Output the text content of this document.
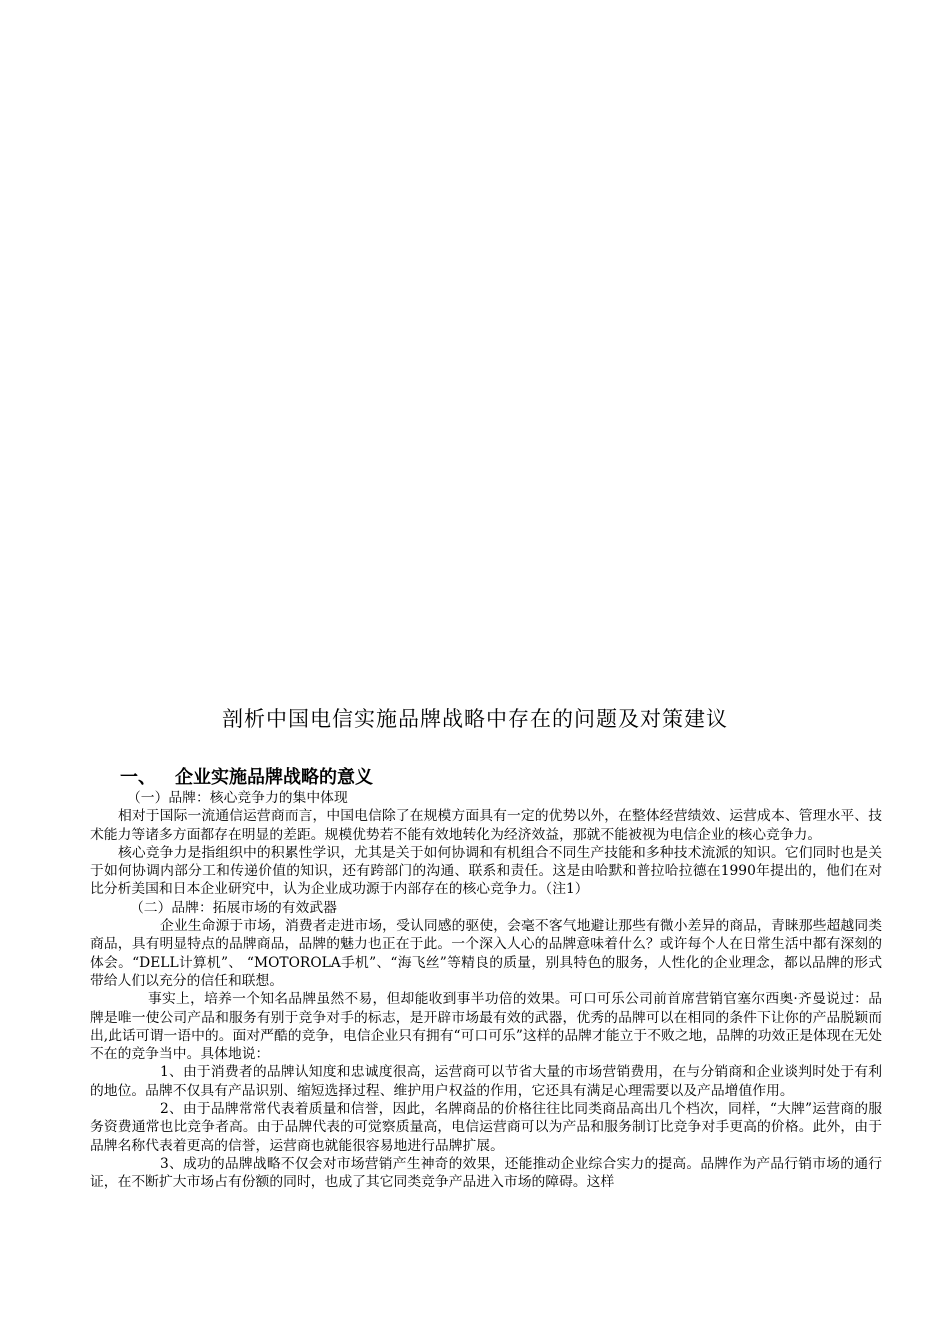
剖析中国电信实施品牌战略中存在的问题及对策建议
一、 企业实施品牌战略的意义

（一）品牌：核心竞争力的集中体现

相对于国际一流通信运营商而言，中国电信除了在规模方面具有一定的优势以外，在整体经营绩效、运营成本、管理水平、技术能力等诸多方面都存在明显的差距。规模优势若不能有效地转化为经济效益，那就不能被视为电信企业的核心竞争力。

核心竞争力是指组织中的积累性学识，尤其是关于如何协调和有机组合不同生产技能和多种技术流派的知识。它们同时也是关于如何协调内部分工和传递价值的知识，还有跨部门的沟通、联系和责任。这是由哈默和普拉哈拉德在1990年提出的，他们在对比分析美国和日本企业研究中，认为企业成功源于内部存在的核心竞争力。（注1）

（二）品牌：拓展市场的有效武器

企业生命源于市场，消费者走进市场，受认同感的驱使，会毫不客气地避让那些有微小差异的商品，青睐那些超越同类商品，具有明显特点的品牌商品，品牌的魅力也正在于此。一个深入人心的品牌意味着什么？或许每个人在日常生活中都有深刻的体会。“DELL计算机”、 “MOTOROLA手机”、“海飞丝”等精良的质量，别具特色的服务，人性化的企业理念，都以品牌的形式带给人们以充分的信任和联想。

事实上，培养一个知名品牌虽然不易，但却能收到事半功倍的效果。可口可乐公司前首席营销官塞尔西奥·齐曼说过：品牌是唯一使公司产品和服务有别于竞争对手的标志，是开辟市场最有效的武器，优秀的品牌可以在相同的条件下让你的产品脱颖而出,此话可谓一语中的。面对严酷的竞争，电信企业只有拥有“可口可乐”这样的品牌才能立于不败之地，品牌的功效正是体现在无处不在的竞争当中。具体地说：

1、由于消费者的品牌认知度和忠诚度很高，运营商可以节省大量的市场营销费用，在与分销商和企业谈判时处于有利的地位。品牌不仅具有产品识别、缩短选择过程、维护用户权益的作用，它还具有满足心理需要以及产品增值作用。

2、由于品牌常常代表着质量和信誉，因此，名牌商品的价格往往比同类商品高出几个档次，同样，“大牌”运营商的服务资费通常也比竞争者高。由于品牌代表的可觉察质量高，电信运营商可以为产品和服务制订比竞争对手更高的价格。此外，由于品牌名称代表着更高的信誉，运营商也就能很容易地进行品牌扩展。

3、成功的品牌战略不仅会对市场营销产生神奇的效果，还能推动企业综合实力的提高。品牌作为产品行销市场的通行证，在不断扩大市场占有份额的同时，也成了其它同类竞争产品进入市场的障碍。这样
